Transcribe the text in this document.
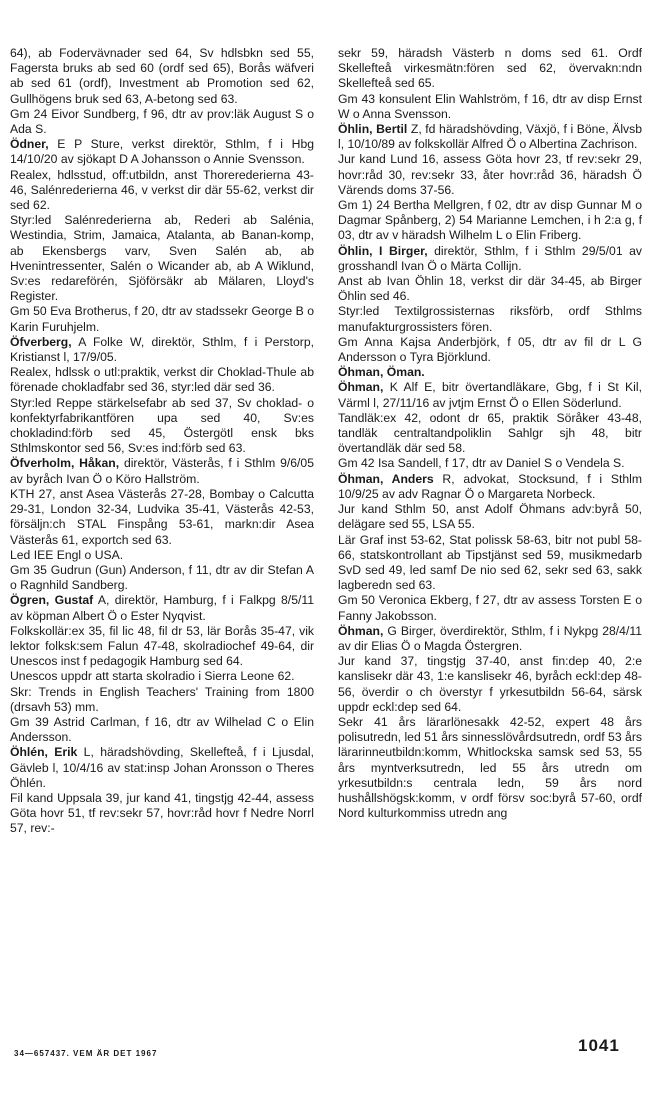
64), ab Fodervävnader sed 64, Sv hdlsbkn sed 55, Fagersta bruks ab sed 60 (ordf sed 65), Borås wäfveri ab sed 61 (ordf), Investment ab Promotion sed 62, Gullhögens bruk sed 63, A-betong sed 63.

Gm 24 Eivor Sundberg, f 96, dtr av prov:läk August S o Ada S.

Ödner, E P Sture, verkst direktör, Sthlm, f i Hbg 14/10/20 av sjökapt D A Johansson o Annie Svensson.

Realex, hdlsstud, off:utbildn, anst Thorerederierna 43-46, Salénrederierna 46, v verkst dir där 55-62, verkst dir sed 62.

Styr:led Salénrederierna ab, Rederi ab Salénia, Westindia, Strim, Jamaica, Atalanta, ab Banan-komp, ab Ekensbergs varv, Sven Salén ab, ab Hvenintressenter, Salén o Wicander ab, ab A Wiklund, Sv:es redareförén, Sjöförsäkr ab Mälaren, Lloyd's Register.

Gm 50 Eva Brotherus, f 20, dtr av stadssekr George B o Karin Furuhjelm.

Öfverberg, A Folke W, direktör, Sthlm, f i Perstorp, Kristianst l, 17/9/05.

Realex, hdlssk o utl:praktik, verkst dir Choklad-Thule ab förenade chokladfabr sed 36, styr:led där sed 36.

Styr:led Reppe stärkelsefabr ab sed 37, Sv choklad- o konfektyrfabrikantfören upa sed 40, Sv:es chokladind:förb sed 45, Östergötl ensk bks Sthlmskontor sed 56, Sv:es ind:förb sed 63.

Öfverholm, Håkan, direktör, Västerås, f i Sthlm 9/6/05 av byråch Ivan Ö o Köro Hallström.

KTH 27, anst Asea Västerås 27-28, Bombay o Calcutta 29-31, London 32-34, Ludvika 35-41, Västerås 42-53, försäljn:ch STAL Finspång 53-61, markn:dir Asea Västerås 61, exportch sed 63.

Led IEE Engl o USA.

Gm 35 Gudrun (Gun) Anderson, f 11, dtr av dir Stefan A o Ragnhild Sandberg.

Ögren, Gustaf A, direktör, Hamburg, f i Falkpg 8/5/11 av köpman Albert Ö o Ester Nyqvist.

Folkskollär:ex 35, fil lic 48, fil dr 53, lär Borås 35-47, vik lektor folksk:sem Falun 47-48, skolradiochef 49-64, dir Unescos inst f pedagogik Hamburg sed 64.

Unescos uppdr att starta skolradio i Sierra Leone 62.

Skr: Trends in English Teachers' Training from 1800 (drsavh 53) mm.

Gm 39 Astrid Carlman, f 16, dtr av Wilhelad C o Elin Andersson.

Öhlén, Erik L, häradshövding, Skellefteå, f i Ljusdal, Gävleb l, 10/4/16 av stat:insp Johan Aronsson o Theres Öhlén.

Fil kand Uppsala 39, jur kand 41, tingstjg 42-44, assess Göta hovr 51, tf rev:sekr 57, hovr:råd hovr f Nedre Norrl 57, rev:-

sekr 59, häradsh Västerb n doms sed 61. Ordf Skellefteå virkesmätn:fören sed 62, övervakn:ndn Skellefteå sed 65.

Gm 43 konsulent Elin Wahlström, f 16, dtr av disp Ernst W o Anna Svensson.

Öhlin, Bertil Z, fd häradshövding, Växjö, f i Böne, Älvsb l, 10/10/89 av folkskollär Alfred Ö o Albertina Zachrison.

Jur kand Lund 16, assess Göta hovr 23, tf rev:sekr 29, hovr:råd 30, rev:sekr 33, åter hovr:råd 36, häradsh Ö Värends doms 37-56.

Gm 1) 24 Bertha Mellgren, f 02, dtr av disp Gunnar M o Dagmar Spånberg, 2) 54 Marianne Lemchen, i h 2:a g, f 03, dtr av v häradsh Wilhelm L o Elin Friberg.

Öhlin, I Birger, direktör, Sthlm, f i Sthlm 29/5/01 av grosshandl Ivan Ö o Märta Collijn.

Anst ab Ivan Öhlin 18, verkst dir där 34-45, ab Birger Öhlin sed 46.

Styr:led Textilgrossisternas riksförb, ordf Sthlms manufakturgrossisters fören.

Gm Anna Kajsa Anderbjörk, f 05, dtr av fil dr L G Andersson o Tyra Björklund.

Öhman, Öman.

Öhman, K Alf E, bitr övertandläkare, Gbg, f i St Kil, Värml l, 27/11/16 av jvtjm Ernst Ö o Ellen Söderlund.

Tandläk:ex 42, odont dr 65, praktik Söråker 43-48, tandläk centraltandpoliklin Sahlgr sjh 48, bitr övertandläk där sed 58.

Gm 42 Isa Sandell, f 17, dtr av Daniel S o Vendela S.

Öhman, Anders R, advokat, Stocksund, f i Sthlm 10/9/25 av adv Ragnar Ö o Margareta Norbeck.

Jur kand Sthlm 50, anst Adolf Öhmans adv:byrå 50, delägare sed 55, LSA 55.

Lär Graf inst 53-62, Stat polissk 58-63, bitr not publ 58-66, statskontrollant ab Tipstjänst sed 59, musikmedarb SvD sed 49, led samf De nio sed 62, sekr sed 63, sakk lagberedn sed 63.

Gm 50 Veronica Ekberg, f 27, dtr av assess Torsten E o Fanny Jakobsson.

Öhman, G Birger, överdirektör, Sthlm, f i Nykpg 28/4/11 av dir Elias Ö o Magda Östergren.

Jur kand 37, tingstjg 37-40, anst fin:dep 40, 2:e kanslisekr där 43, 1:e kanslisekr 46, byråch eckl:dep 48-56, överdir o ch överstyr f yrkesutbildn 56-64, särsk uppdr eckl:dep sed 64.

Sekr 41 års lärarlönesakk 42-52, expert 48 års polisutredn, led 51 års sinnesslövårdsutredn, ordf 53 års lärarinneutbildn:komm, Whitlockska samsk sed 53, 55 års myntverksutredn, led 55 års utredn om yrkesutbildn:s centrala ledn, 59 års nord hushållshögsk:komm, v ordf försv soc:byrå 57-60, ordf Nord kulturkommiss utredn ang

34—657437. VEM ÄR DET 1967	1041
